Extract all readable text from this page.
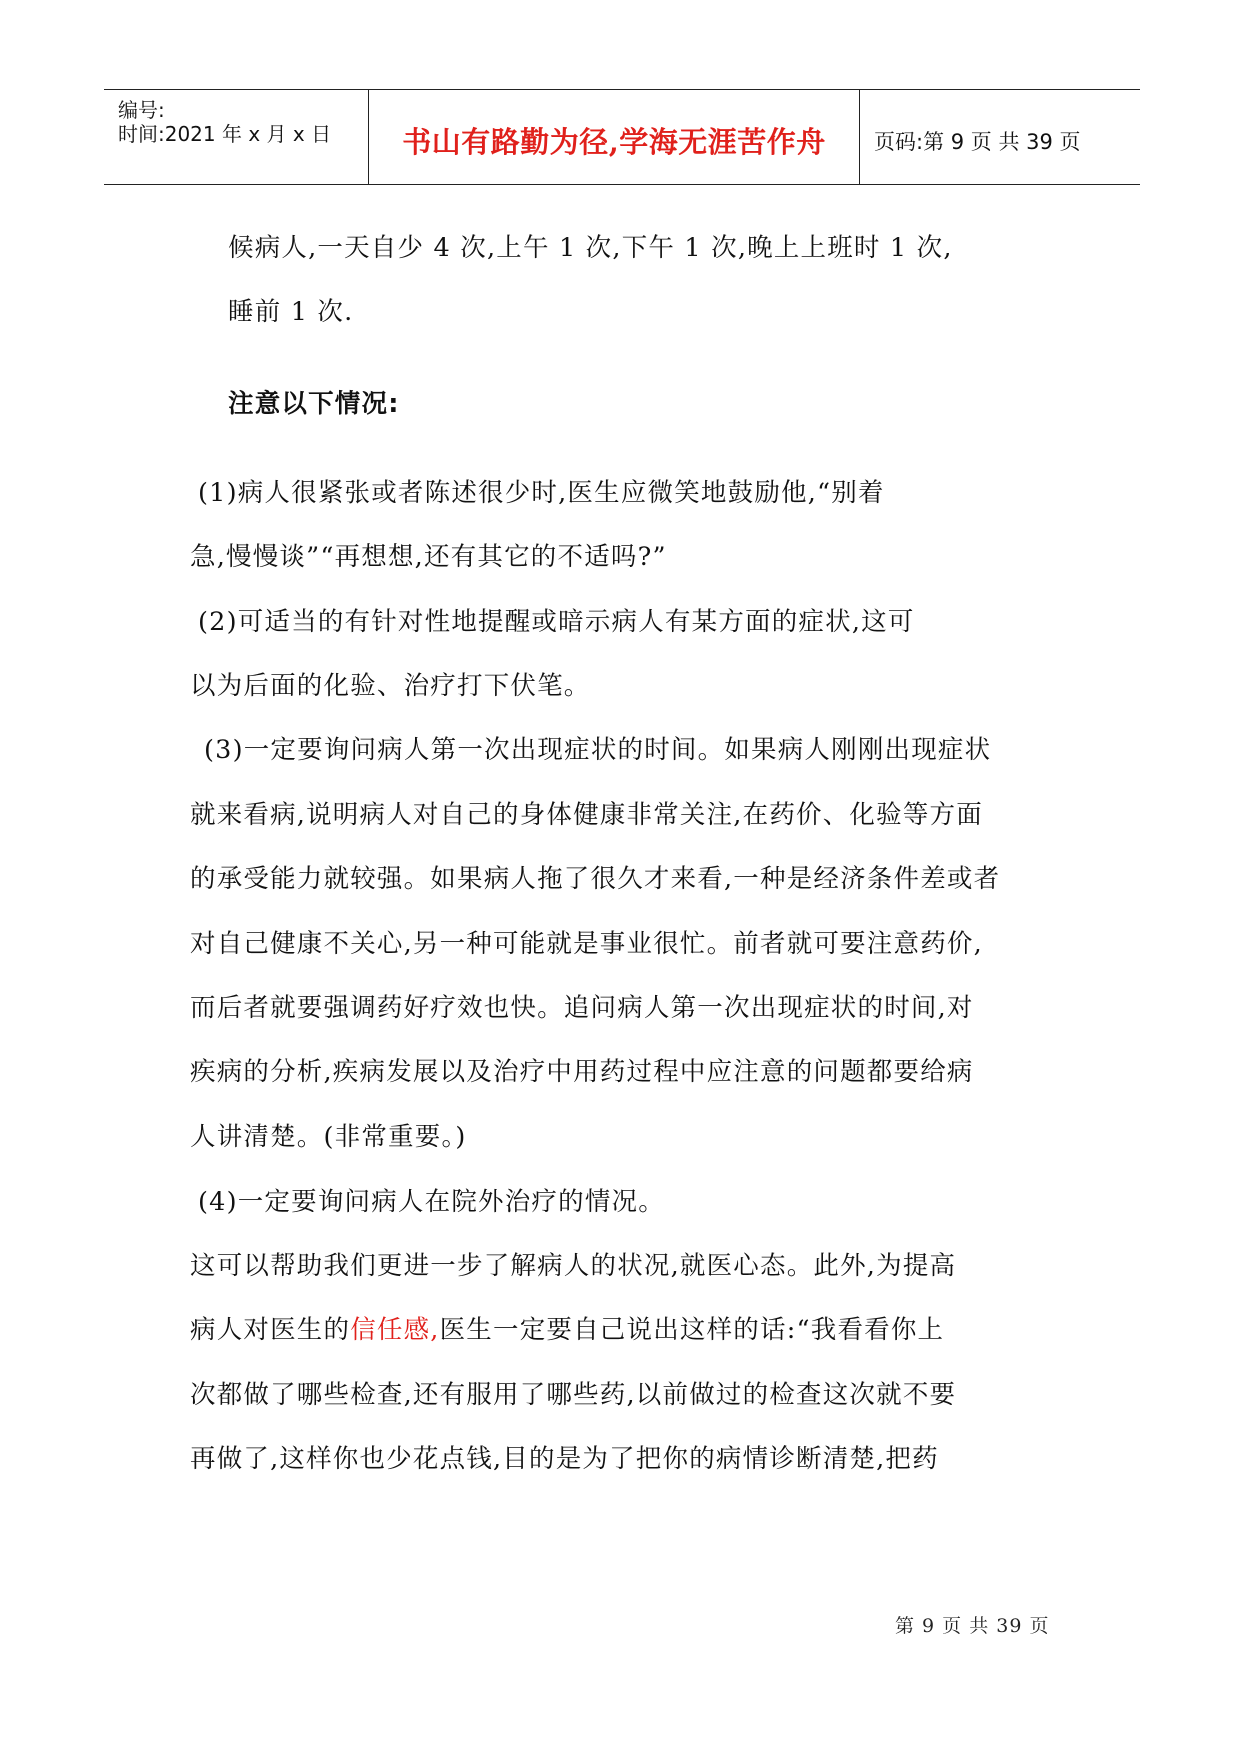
编号:
时间:2021 年 x 月 x 日	书山有路勤为径,学海无涯苦作舟	页码:第 9 页 共 39 页
候病人,一天自少 4 次,上午 1 次,下午 1 次,晚上上班时 1 次,
睡前 1 次.
注意以下情况:
(1)病人很紧张或者陈述很少时,医生应微笑地鼓励他,“别着
急,慢慢谈”“再想想,还有其它的不适吗?”
(2)可适当的有针对性地提醒或暗示病人有某方面的症状,这可
以为后面的化验、治疗打下伏笔。
(3)一定要询问病人第一次出现症状的时间。如果病人刚刚出现症状
就来看病,说明病人对自己的身体健康非常关注,在药价、化验等方面
的承受能力就较强。如果病人拖了很久才来看,一种是经济条件差或者
对自己健康不关心,另一种可能就是事业很忙。前者就可要注意药价,
而后者就要强调药好疗效也快。追问病人第一次出现症状的时间,对
疾病的分析,疾病发展以及治疗中用药过程中应注意的问题都要给病
人讲清楚。(非常重要。)
(4)一定要询问病人在院外治疗的情况。
这可以帮助我们更进一步了解病人的状况,就医心态。此外,为提高
病人对医生的信任感,医生一定要自己说出这样的话:“我看看你上
次都做了哪些检查,还有服用了哪些药,以前做过的检查这次就不要
再做了,这样你也少花点钱,目的是为了把你的病情诊断清楚,把药
第 9 页 共 39 页
